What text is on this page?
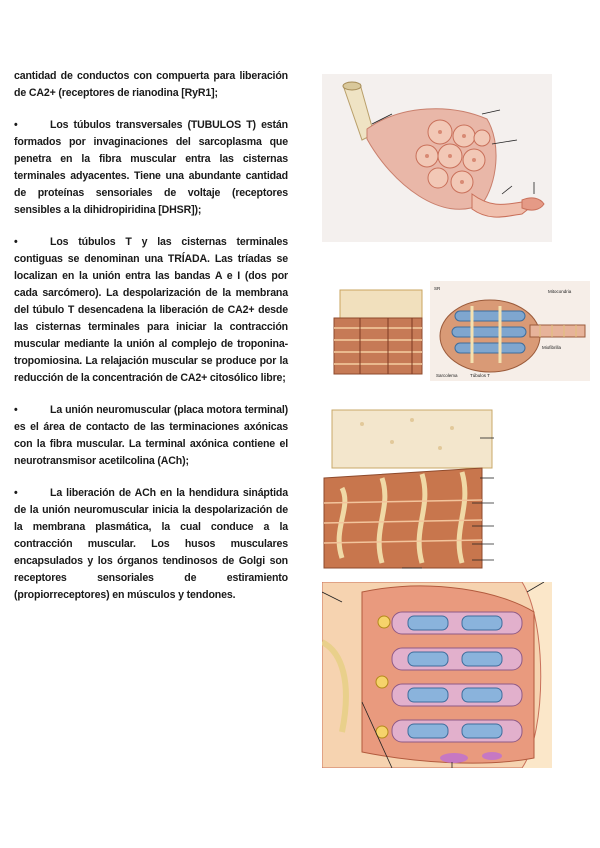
cantidad de conductos con compuerta para liberación de CA2+ (receptores de rianodina [RyR1];

•	Los túbulos transversales (TUBULOS T) están formados por invaginaciones del sarcoplasma que penetra en la fibra muscular entra las cisternas terminales adyacentes. Tiene una abundante cantidad de proteínas sensoriales de voltaje (receptores sensibles a la dihidropiridina [DHSR]);

•	Los túbulos T y las cisternas terminales contiguas se denominan una TRÍADA. Las tríadas se localizan en la unión entra las bandas A e I (dos por cada sarcómero). La despolarización de la membrana del túbulo T desencadena la liberación de CA2+ desde las cisternas terminales para iniciar la contracción muscular mediante la unión al complejo de troponina-tropomiosina. La relajación muscular se produce por la reducción de la concentración de CA2+ citosólico libre;

•	La unión neuromuscular (placa motora terminal) es el área de contacto de las terminaciones axónicas con la fibra muscular. La terminal axónica contiene el neurotransmisor acetilcolina (ACh);

•	La liberación de ACh en la hendidura sináptida de la unión neuromuscular inicia la despolarización de la membrana plasmática, la cual conduce a la contracción muscular. Los husos musculares encapsulados y los órganos tendinosos de Golgi son receptores sensoriales de estiramiento (propiorreceptores) en músculos y tendones.

SR
Túbulos T
Sarcolema
Miofibrilla
Mitocondria
